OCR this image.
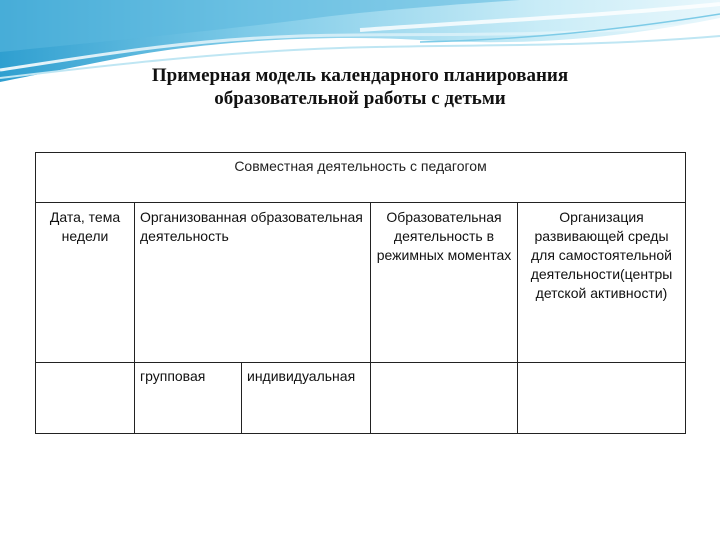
Примерная модель календарного планирования
образовательной работы с детьми
Совместная деятельность с педагогом				
Дата, тема недели	Организованная образовательная деятельность		Образовательная деятельность в режимных моментах	Организация развивающей среды для самостоятельной деятельности(центры детской активности)
	групповая	индивидуальная		
